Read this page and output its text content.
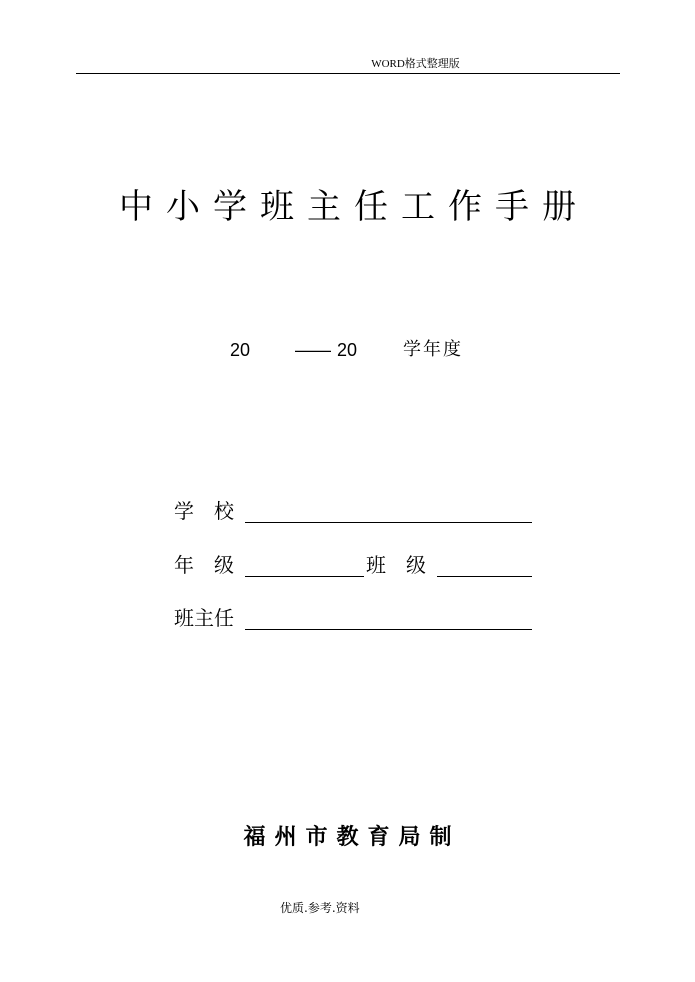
WORD格式整理版
中小学班主任工作手册
20 —— 20	学年度
学　校
年　级	班　级
班主任
福州市教育局制
优质.参考.资料
